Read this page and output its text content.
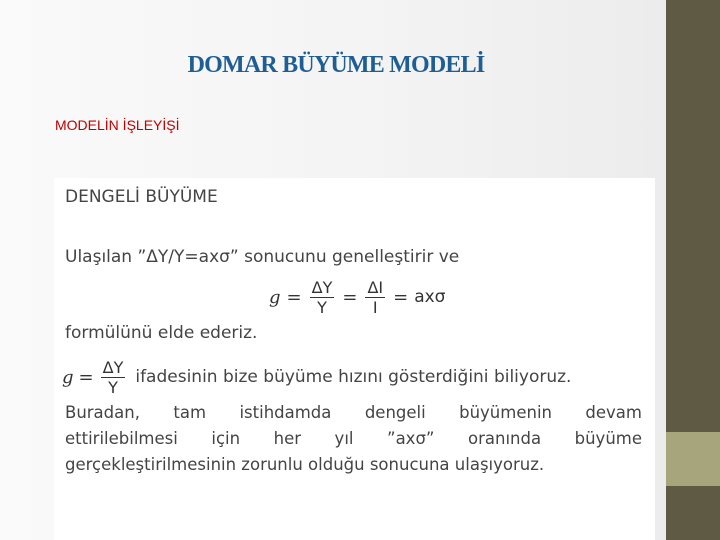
DOMAR BÜYÜME MODELİ
MODELİN İŞLEYİŞİ
DENGELİ BÜYÜME
Ulaşılan ”ΔY/Y=axσ” sonucunu genelleştirir ve
$g = \frac{\Delta Y}{Y} = \frac{\Delta I}{I} = ax\sigma$
formülünü elde ederiz.
$g = \frac{\Delta Y}{Y}$ ifadesinin bize büyüme hızını gösterdiğini biliyoruz.
Buradan, tam istihdamda dengeli büyümenin devam
ettirilebilmesi için her yıl ”axσ” oranında büyüme
gerçekleştirilmesinin zorunlu olduğu sonucuna ulaşıyoruz.
